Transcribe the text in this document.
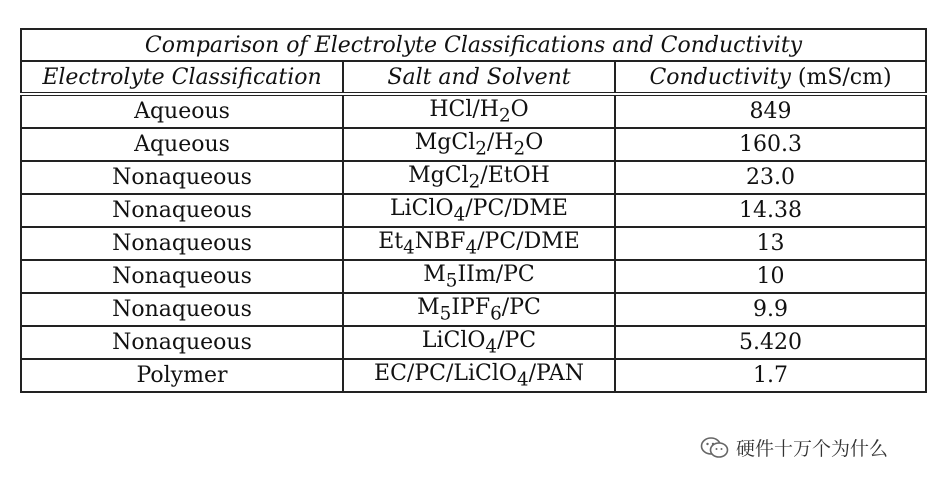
Comparison of Electrolyte Classifications and Conductivity		
Electrolyte Classification	Salt and Solvent	Conductivity (mS/cm)
Aqueous	HCl/$H_2O$	849
Aqueous	$MgCl_2/H_2O$	160.3
Nonaqueous	MgCl$_2$/EtOH	23.0
Nonaqueous	LiClO$_4$/PC/DME	14.38
Nonaqueous	$Et_4NBF_4/PC$/DME	13
Nonaqueous	$M_5IIm/PC$	10
Nonaqueous	$M_5IPF_6/PC$	9.9
Nonaqueous	LiClO$_4$/PC	5.420
Polymer	EC/PC/LiClO$_4$/PAN	1.7
硬件十万个为什么
